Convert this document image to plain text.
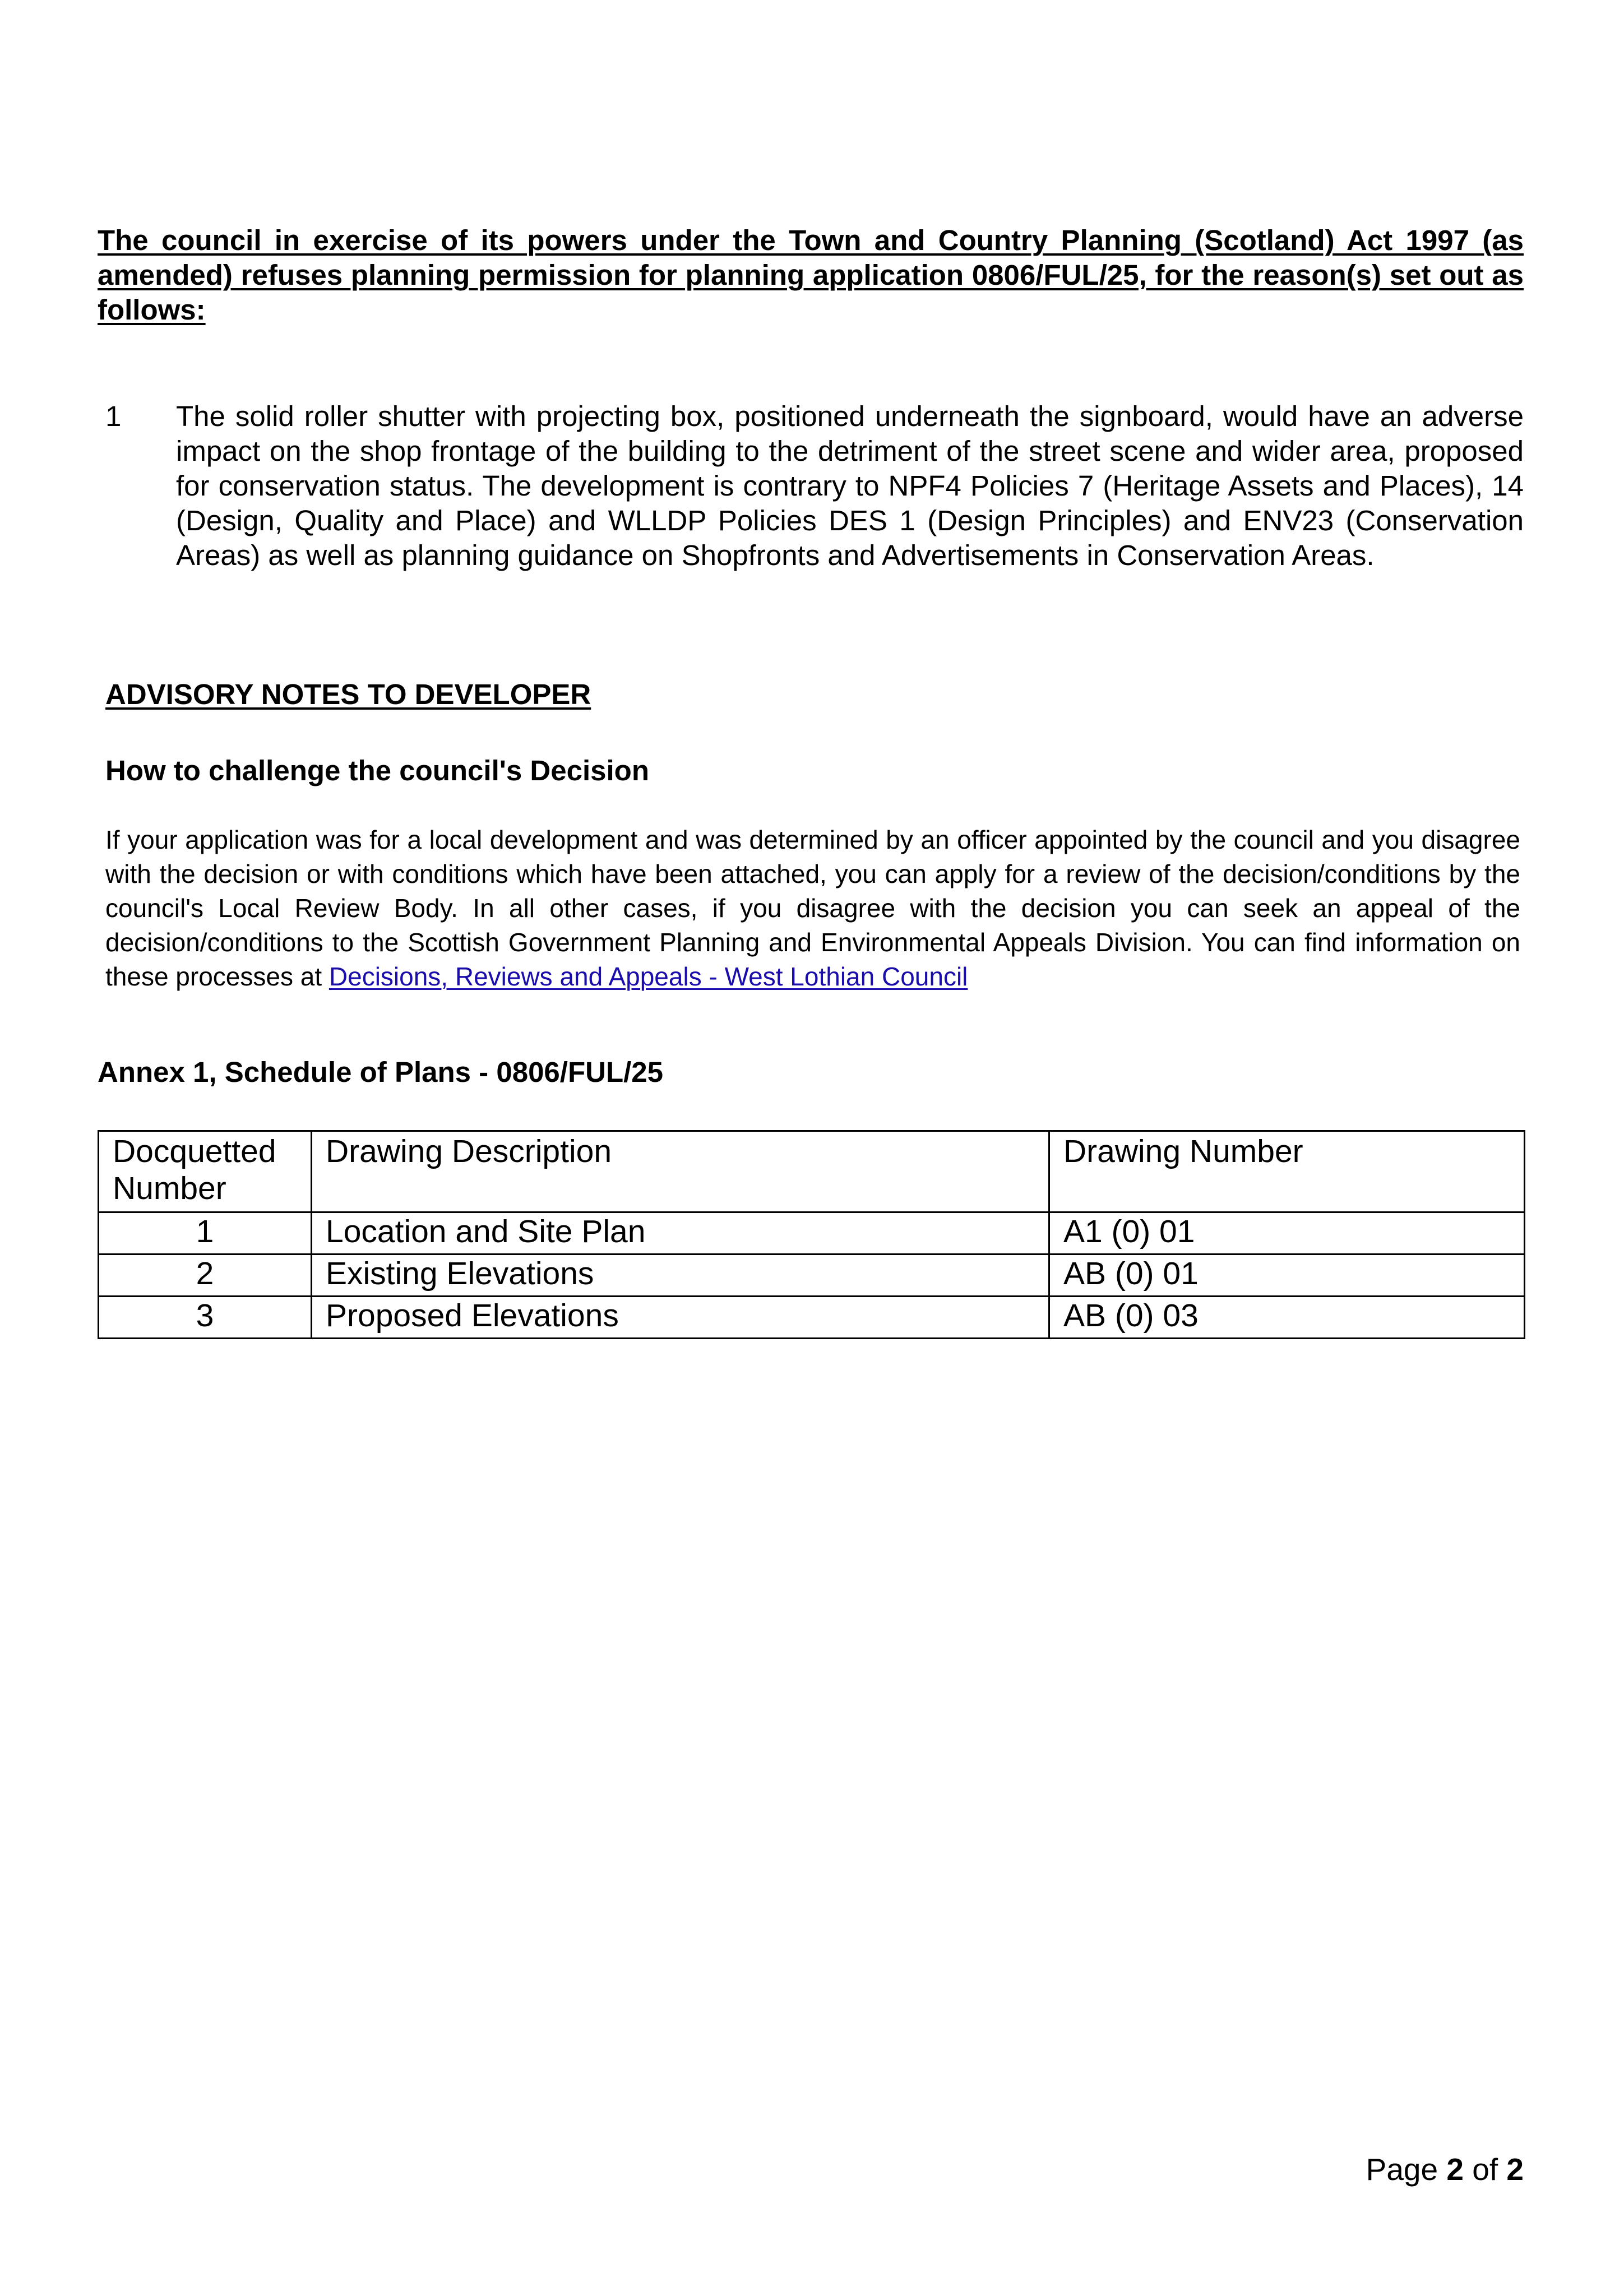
The council in exercise of its powers under the Town and Country Planning (Scotland) Act 1997 (as amended) refuses planning permission for planning application 0806/FUL/25, for the reason(s) set out as follows:

1	The solid roller shutter with projecting box, positioned underneath the signboard, would have an adverse impact on the shop frontage of the building to the detriment of the street scene and wider area, proposed for conservation status. The development is contrary to NPF4 Policies 7 (Heritage Assets and Places), 14 (Design, Quality and Place) and WLLDP Policies DES 1 (Design Principles) and ENV23 (Conservation Areas) as well as planning guidance on Shopfronts and Advertisements in Conservation Areas.

ADVISORY NOTES TO DEVELOPER
How to challenge the council's Decision

If your application was for a local development and was determined by an officer appointed by the council and you disagree with the decision or with conditions which have been attached, you can apply for a review of the decision/conditions by the council's Local Review Body. In all other cases, if you disagree with the decision you can seek an appeal of the decision/conditions to the Scottish Government Planning and Environmental Appeals Division. You can find information on these processes at Decisions, Reviews and Appeals - West Lothian Council

Annex 1, Schedule of Plans - 0806/FUL/25
Docquetted Number	Drawing Description	Drawing Number
1	Location and Site Plan	A1 (0) 01
2	Existing Elevations	AB (0) 01
3	Proposed Elevations	AB (0) 03

Page 2 of 2
